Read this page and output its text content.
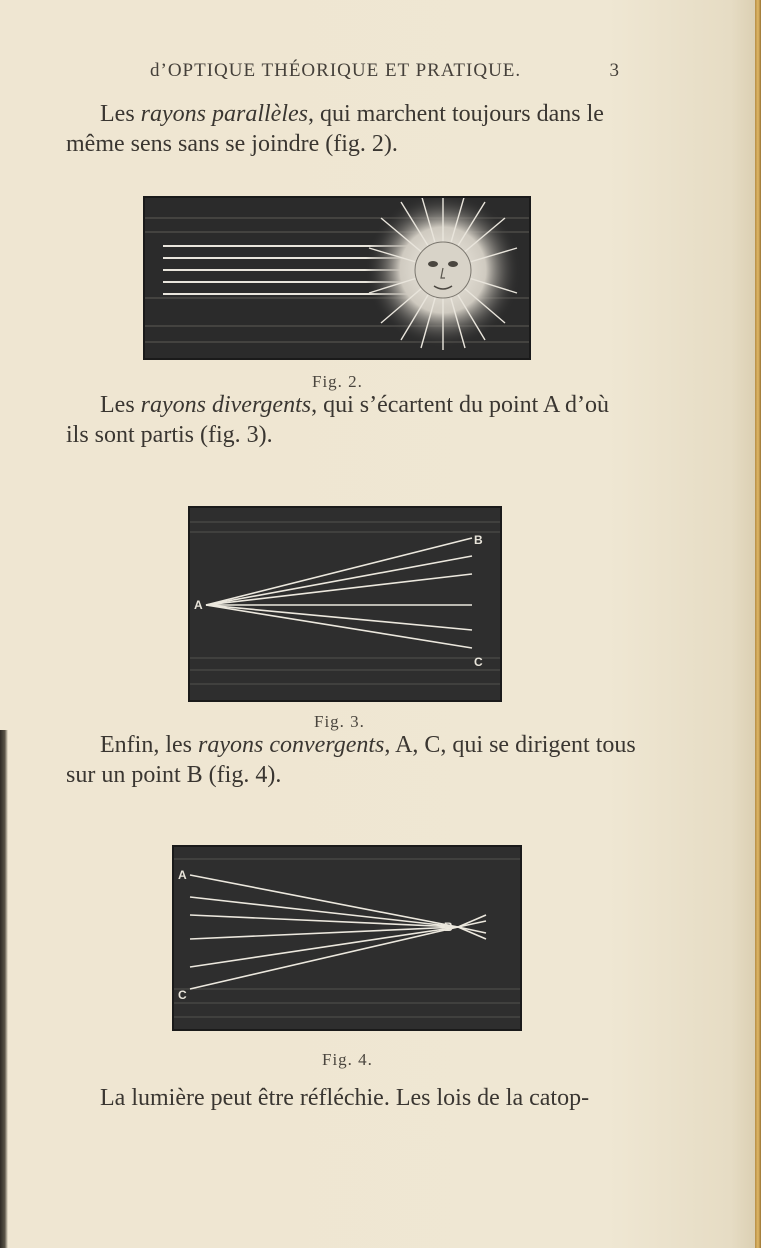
d’OPTIQUE THÉORIQUE ET PRATIQUE.	3
Les rayons parallèles, qui marchent toujours dans le
même sens sans se joindre (fig. 2).
Fig. 2.
Les rayons divergents, qui s’écartent du point A d’où
ils sont partis (fig. 3).
A
B
C
Fig. 3.
Enfin, les rayons convergents, A, C, qui se dirigent tous
sur un point B (fig. 4).
A
B
C
Fig. 4.
La lumière peut être réfléchie. Les lois de la catop-
